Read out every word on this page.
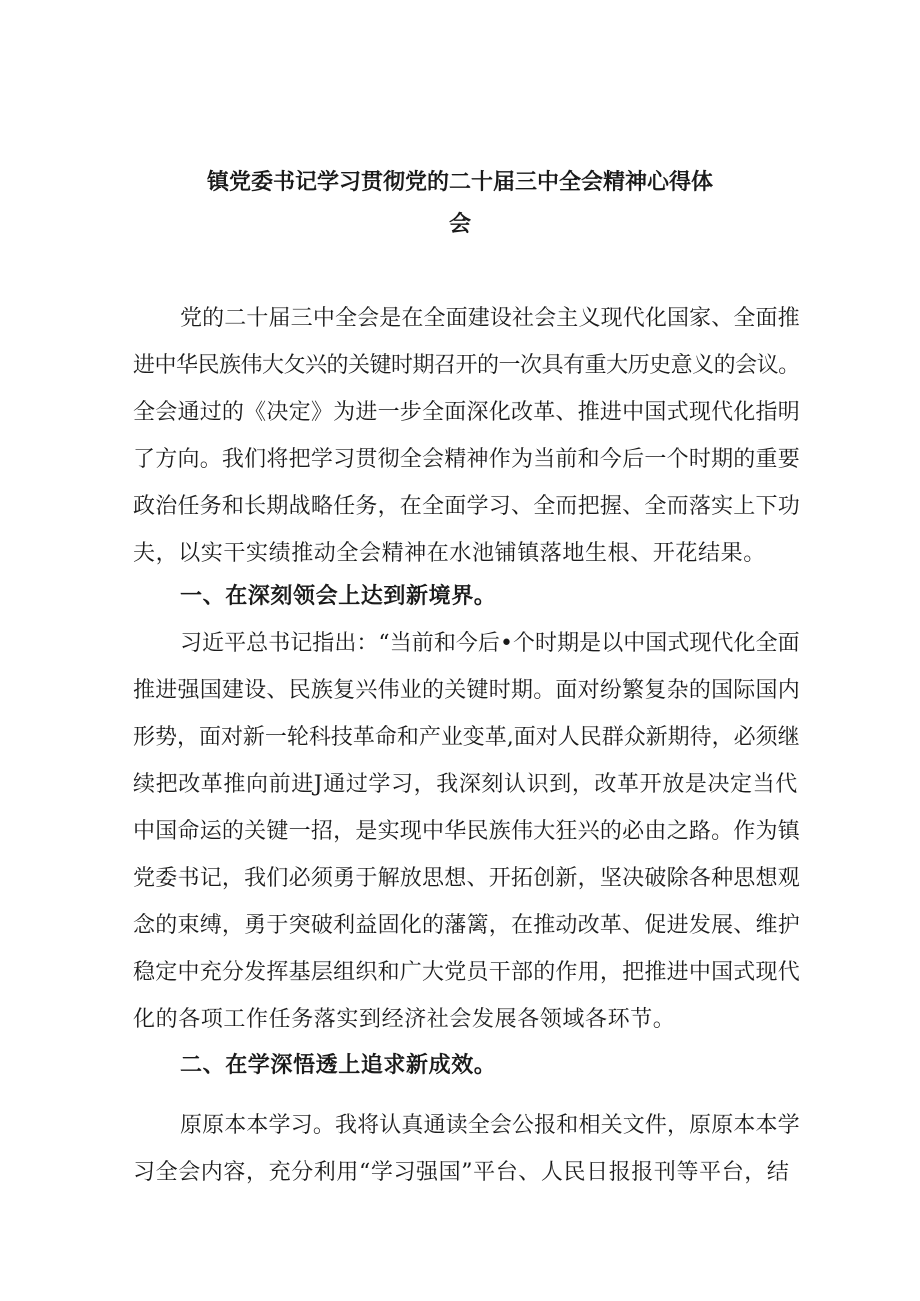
镇党委书记学习贯彻党的二十届三中全会精神心得体
会
党的二十届三中全会是在全面建设社会主义现代化国家、全面推
进中华民族伟大攵兴的关键时期召开的一次具有重大历史意义的会议。
全会通过的《决定》为进一步全面深化改革、推进中国式现代化指明
了方向。我们将把学习贯彻全会精神作为当前和今后一个时期的重要
政治任务和长期战略任务，在全面学习、全而把握、全而落实上下功
夫，以实干实绩推动全会精神在水池铺镇落地生根、开花结果。
一、在深刻领会上达到新境界。
习近平总书记指出：“当前和今后•个时期是以中国式现代化全面
推进强国建设、民族复兴伟业的关键时期。面对纷繁复杂的国际国内
形势，面对新一轮科技革命和产业变革,面对人民群众新期待，必须继
续把改革推向前进J通过学习，我深刻认识到，改革开放是决定当代
中国命运的关键一招，是实现中华民族伟大狂兴的必由之路。作为镇
党委书记，我们必须勇于解放思想、开拓创新，坚决破除各种思想观
念的束缚，勇于突破利益固化的藩篱，在推动改革、促进发展、维护
稳定中充分发挥基层组织和广大党员干部的作用，把推进中国式现代
化的各项工作任务落实到经济社会发展各领域各环节。
二、在学深悟透上追求新成效。
原原本本学习。我将认真通读全会公报和相关文件，原原本本学
习全会内容，充分利用“学习强国”平台、人民日报报刊等平台，结
